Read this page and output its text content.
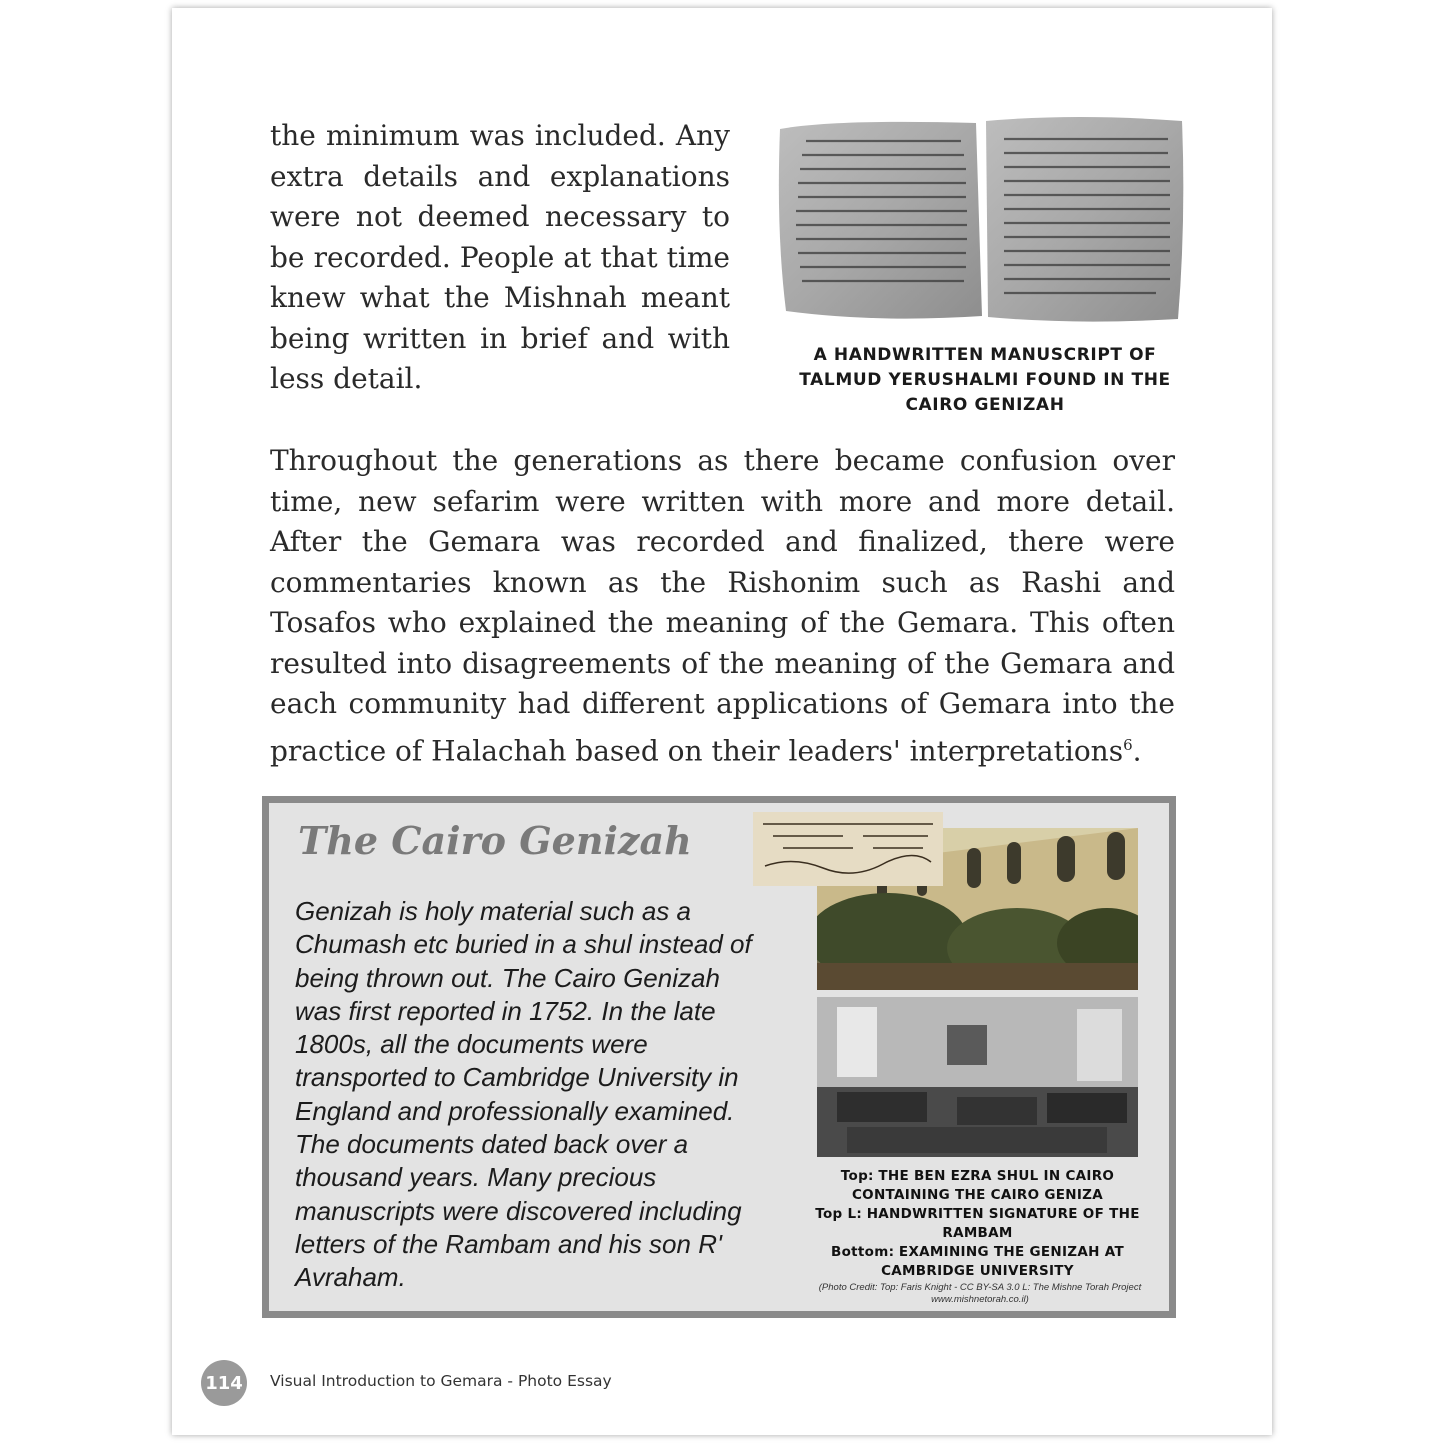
the minimum was included. Any extra details and explanations were not deemed necessary to be recorded. People at that time knew what the Mishnah meant being written in brief and with less detail.

A HANDWRITTEN MANUSCRIPT OF TALMUD YERUSHALMI FOUND IN THE CAIRO GENIZAH

Throughout the generations as there became confusion over time, new sefarim were written with more and more detail. After the Gemara was recorded and finalized, there were commentaries known as the Rishonim such as Rashi and Tosafos who explained the meaning of the Gemara. This often resulted into disagreements of the meaning of the Gemara and each community had different applications of Gemara into the practice of Halachah based on their leaders' interpretations$^6$.

The Cairo Genizah

Genizah is holy material such as a Chumash etc buried in a shul instead of being thrown out. The Cairo Genizah was first reported in 1752. In the late 1800s, all the documents were transported to Cambridge University in England and professionally examined. The documents dated back over a thousand years. Many precious manuscripts were discovered including letters of the Rambam and his son R' Avraham.

Top: THE BEN EZRA SHUL IN CAIRO CONTAINING THE CAIRO GENIZA
Top L: HANDWRITTEN SIGNATURE OF THE RAMBAM
Bottom: EXAMINING THE GENIZAH AT CAMBRIDGE UNIVERSITY
(Photo Credit: Top: Faris Knight - CC BY-SA 3.0 L: The Mishne Torah Project www.mishnetorah.co.il)
114 Visual Introduction to Gemara - Photo Essay
